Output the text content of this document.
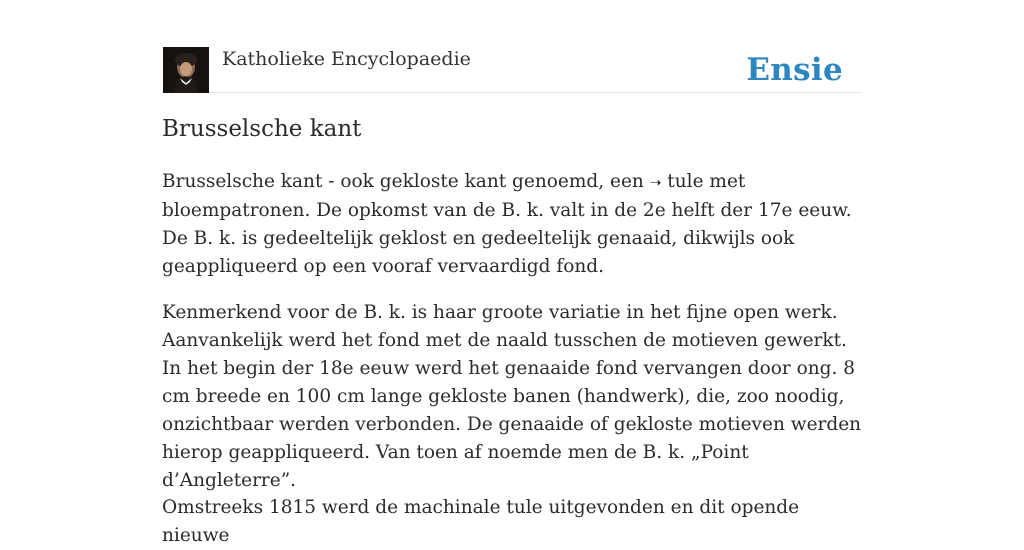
Katholieke Encyclopaedie	Ensie
Brusselsche kant

Brusselsche kant - ook gekloste kant genoemd, een ➝ tule met bloempatronen. De opkomst van de B. k. valt in de 2e helft der 17e eeuw. De B. k. is gedeeltelijk geklost en gedeeltelijk genaaid, dikwijls ook geappliqueerd op een vooraf vervaardigd fond.

Kenmerkend voor de B. k. is haar groote variatie in het fijne open werk. Aanvankelijk werd het fond met de naald tusschen de motieven gewerkt. In het begin der 18e eeuw werd het genaaide fond vervangen door ong. 8 cm breede en 100 cm lange gekloste banen (handwerk), die, zoo noodig, onzichtbaar werden verbonden. De genaaide of gekloste motieven werden hierop geappliqueerd. Van toen af noemde men de B. k. „Point d’Angleterre”.

Omstreeks 1815 werd de machinale tule uitgevonden en dit opende nieuwe
